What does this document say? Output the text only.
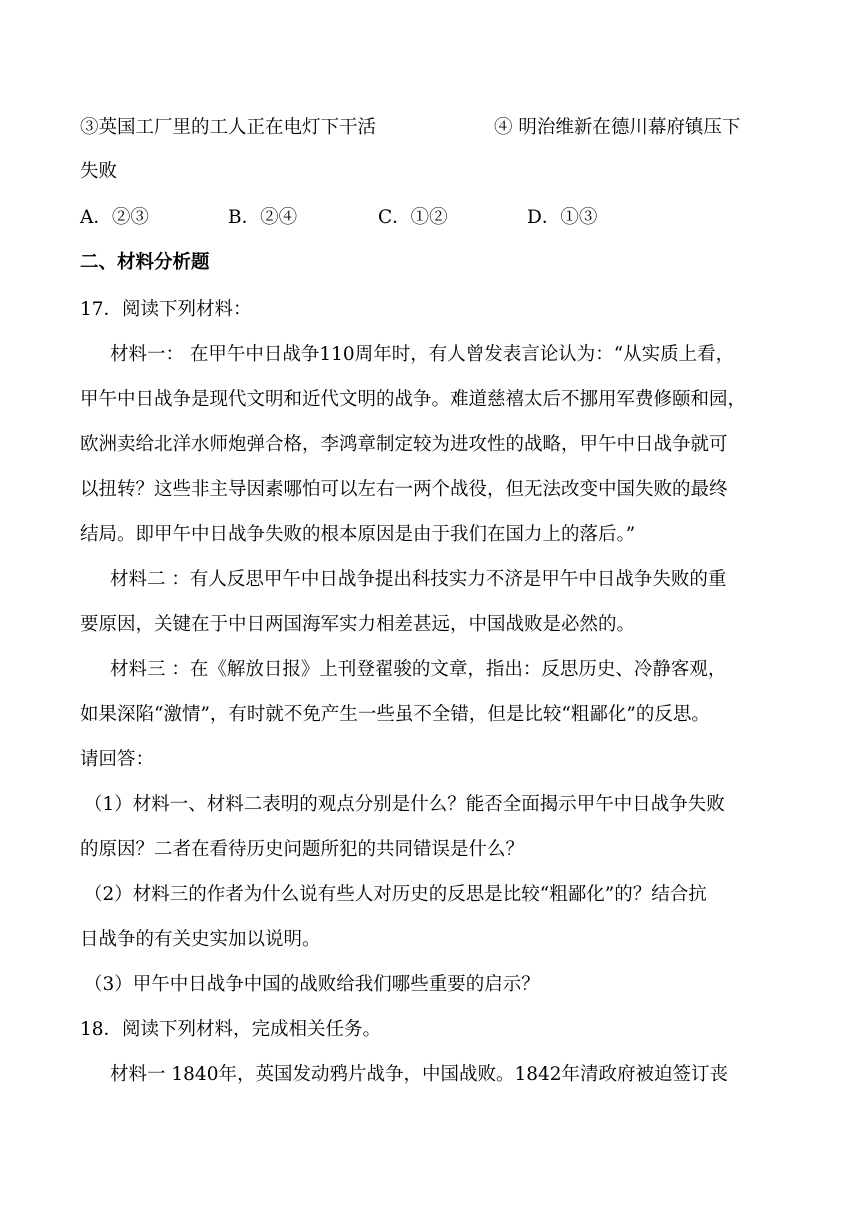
③英国工厂里的工人正在电灯下干活	④ 明治维新在德川幕府镇压下
失败
A．②③	B．②④	C．①②	D．①③
二、材料分析题
17．阅读下列材料：
材料一： 在甲午中日战争110周年时，有人曾发表言论认为：“从实质上看，
甲午中日战争是现代文明和近代文明的战争。难道慈禧太后不挪用军费修颐和园，
欧洲卖给北洋水师炮弹合格，李鸿章制定较为进攻性的战略，甲午中日战争就可
以扭转？这些非主导因素哪怕可以左右一两个战役，但无法改变中国失败的最终
结局。即甲午中日战争失败的根本原因是由于我们在国力上的落后。”
材料二 ：有人反思甲午中日战争提出科技实力不济是甲午中日战争失败的重
要原因，关键在于中日两国海军实力相差甚远，中国战败是必然的。
材料三 ：在《解放日报》上刊登翟骏的文章，指出：反思历史、冷静客观，
如果深陷“激情”，有时就不免产生一些虽不全错，但是比较“粗鄙化”的反思。
请回答：
（1）材料一、材料二表明的观点分别是什么？能否全面揭示甲午中日战争失败
的原因？二者在看待历史问题所犯的共同错误是什么？
（2）材料三的作者为什么说有些人对历史的反思是比较“粗鄙化”的？结合抗
日战争的有关史实加以说明。
（3）甲午中日战争中国的战败给我们哪些重要的启示？
18．阅读下列材料，完成相关任务。
材料一 1840年，英国发动鸦片战争，中国战败。1842年清政府被迫签订丧
